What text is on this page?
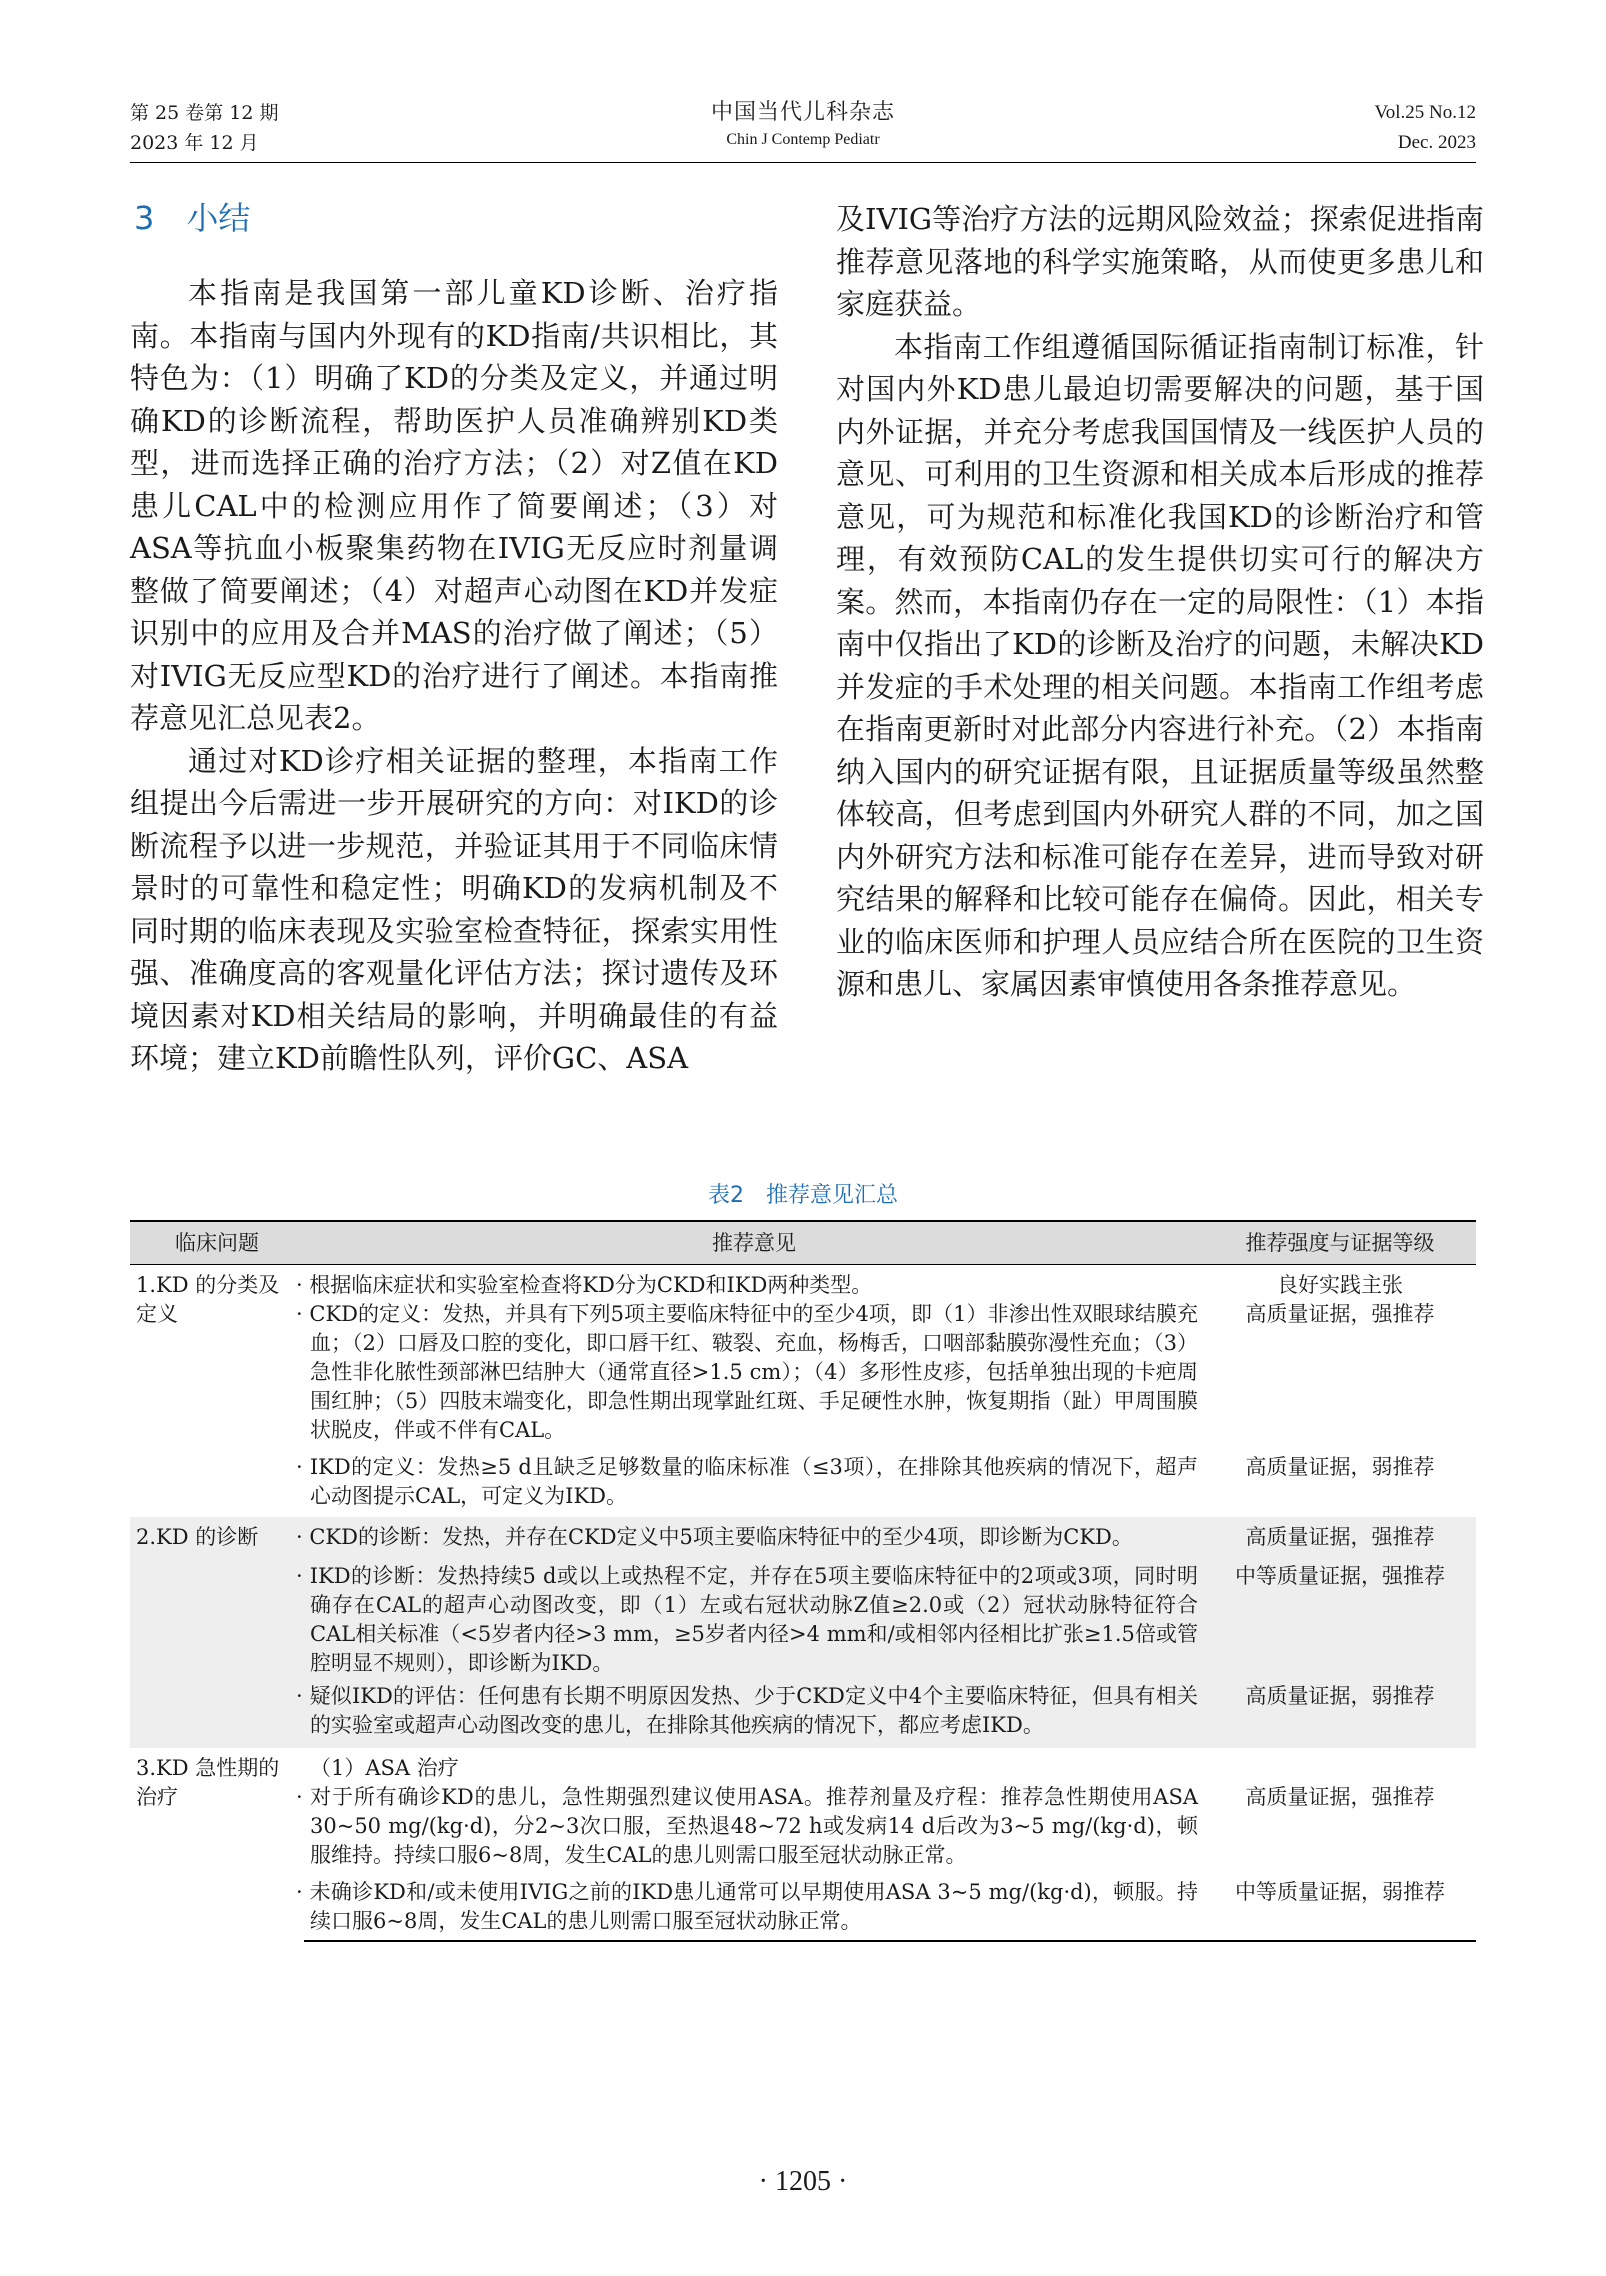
第 25 卷第 12 期
2023 年 12 月
中国当代儿科杂志
Chin J Contemp Pediatr
Vol.25 No.12
Dec. 2023
3　小结

本指南是我国第一部儿童KD诊断、治疗指南。本指南与国内外现有的KD指南/共识相比，其特色为：（1）明确了KD的分类及定义，并通过明确KD的诊断流程，帮助医护人员准确辨别KD类型，进而选择正确的治疗方法；（2）对Z值在KD患儿CAL中的检测应用作了简要阐述；（3）对ASA等抗血小板聚集药物在IVIG无反应时剂量调整做了简要阐述；（4）对超声心动图在KD并发症识别中的应用及合并MAS的治疗做了阐述；（5）对IVIG无反应型KD的治疗进行了阐述。本指南推荐意见汇总见表2。

通过对KD诊疗相关证据的整理，本指南工作组提出今后需进一步开展研究的方向：对IKD的诊断流程予以进一步规范，并验证其用于不同临床情景时的可靠性和稳定性；明确KD的发病机制及不同时期的临床表现及实验室检查特征，探索实用性强、准确度高的客观量化评估方法；探讨遗传及环境因素对KD相关结局的影响，并明确最佳的有益环境；建立KD前瞻性队列，评价GC、ASA

及IVIG等治疗方法的远期风险效益；探索促进指南推荐意见落地的科学实施策略，从而使更多患儿和家庭获益。

本指南工作组遵循国际循证指南制订标准，针对国内外KD患儿最迫切需要解决的问题，基于国内外证据，并充分考虑我国国情及一线医护人员的意见、可利用的卫生资源和相关成本后形成的推荐意见，可为规范和标准化我国KD的诊断治疗和管理，有效预防CAL的发生提供切实可行的解决方案。然而，本指南仍存在一定的局限性：（1）本指南中仅指出了KD的诊断及治疗的问题，未解决KD并发症的手术处理的相关问题。本指南工作组考虑在指南更新时对此部分内容进行补充。（2）本指南纳入国内的研究证据有限，且证据质量等级虽然整体较高，但考虑到国内外研究人群的不同，加之国内外研究方法和标准可能存在差异，进而导致对研究结果的解释和比较可能存在偏倚。因此，相关专业的临床医师和护理人员应结合所在医院的卫生资源和患儿、家属因素审慎使用各条推荐意见。

表2　推荐意见汇总
临床问题	推荐意见	推荐强度与证据等级
1.KD 的分类及
定义	· 根据临床症状和实验室检查将KD分为CKD和IKD两种类型。	良好实践主张
	· CKD的定义：发热，并具有下列5项主要临床特征中的至少4项，即（1）非渗出性双眼球结膜充血；（2）口唇及口腔的变化，即口唇干红、皲裂、充血，杨梅舌，口咽部黏膜弥漫性充血；（3）急性非化脓性颈部淋巴结肿大（通常直径>1.5 cm）；（4）多形性皮疹，包括单独出现的卡疤周围红肿；（5）四肢末端变化，即急性期出现掌趾红斑、手足硬性水肿，恢复期指（趾）甲周围膜状脱皮，伴或不伴有CAL。	高质量证据，强推荐
	· IKD的定义：发热≥5 d且缺乏足够数量的临床标准（≤3项），在排除其他疾病的情况下，超声心动图提示CAL，可定义为IKD。	高质量证据，弱推荐
2.KD 的诊断	· CKD的诊断：发热，并存在CKD定义中5项主要临床特征中的至少4项，即诊断为CKD。	高质量证据，强推荐
	· IKD的诊断：发热持续5 d或以上或热程不定，并存在5项主要临床特征中的2项或3项，同时明确存在CAL的超声心动图改变，即（1）左或右冠状动脉Z值≥2.0或（2）冠状动脉特征符合CAL相关标准（<5岁者内径>3 mm，≥5岁者内径>4 mm和/或相邻内径相比扩张≥1.5倍或管腔明显不规则），即诊断为IKD。	中等质量证据，强推荐
	· 疑似IKD的评估：任何患有长期不明原因发热、少于CKD定义中4个主要临床特征，但具有相关的实验室或超声心动图改变的患儿，在排除其他疾病的情况下，都应考虑IKD。	高质量证据，弱推荐
3.KD 急性期的
治疗	（1）ASA 治疗	
	· 对于所有确诊KD的患儿，急性期强烈建议使用ASA。推荐剂量及疗程：推荐急性期使用ASA 30~50 mg/(kg·d)，分2~3次口服，至热退48~72 h或发病14 d后改为3~5 mg/(kg·d)，顿服维持。持续口服6~8周，发生CAL的患儿则需口服至冠状动脉正常。	高质量证据，强推荐
	· 未确诊KD和/或未使用IVIG之前的IKD患儿通常可以早期使用ASA 3~5 mg/(kg·d)，顿服。持续口服6~8周，发生CAL的患儿则需口服至冠状动脉正常。	中等质量证据，弱推荐
· 1205 ·
